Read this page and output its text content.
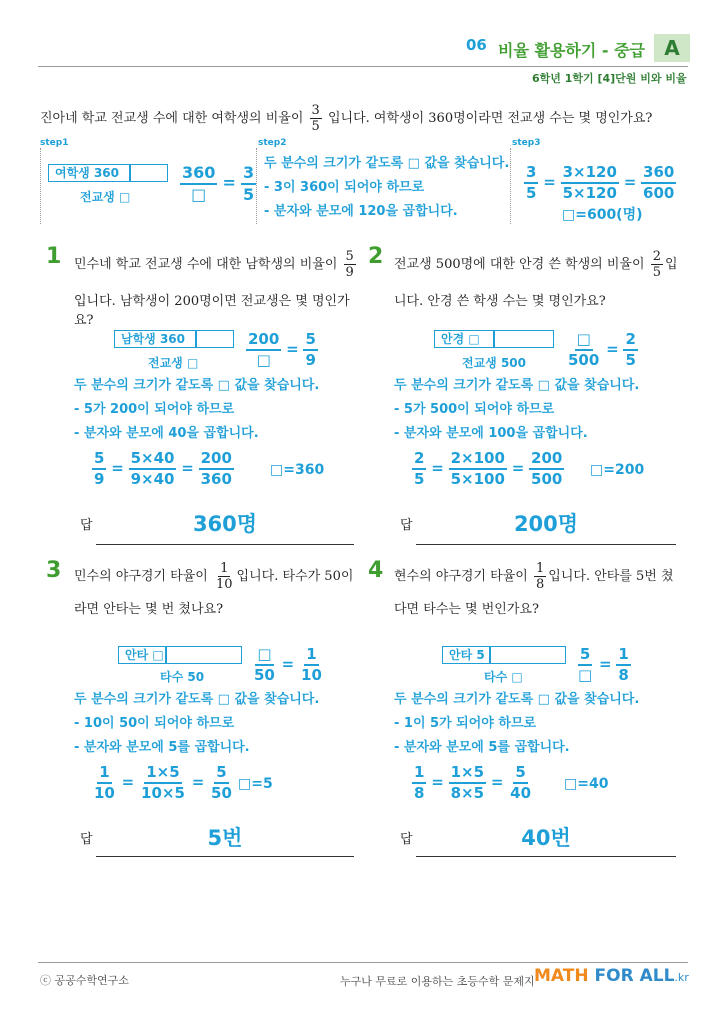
06 비율 활용하기 - 중급 A
6학년 1학기 [4]단원 비와 비율
진아네 학교 전교생 수에 대한 여학생의 비율이 $\frac{3}{5}$ 입니다. 여학생이 360명이라면 전교생 수는 몇 명인가요?
step1	step2	step3
여학생 360
전교생 □
360
□
= $\frac{3}{5}$
두 분수의 크기가 같도록 □ 값을 찾습니다.
- 3이 360이 되어야 하므로
- 분자와 분모에 120을 곱합니다.
$\frac{3}{5} = \frac{3\times 120}{5\times 120} = \frac{360}{600}$
□=600(명)
1 민수네 학교 전교생 수에 대한 남학생의 비율이 $\frac{5}{9}$
입니다. 남학생이 200명이면 전교생은 몇 명인가요?
남학생 360
전교생 □
200
□
= $\frac{5}{9}$
두 분수의 크기가 같도록 □ 값을 찾습니다.
- 5가 200이 되어야 하므로
- 분자와 분모에 40을 곱합니다.
$\frac{5}{9} = \frac{5\times 40}{9\times 40} = \frac{200}{360}$	□=360
답	360명
2 전교생 500명에 대한 안경 쓴 학생의 비율이 $\frac{2}{5}$ 입
니다. 안경 쓴 학생 수는 몇 명인가요?
안경 □
전교생 500
□
500
= $\frac{2}{5}$
두 분수의 크기가 같도록 □ 값을 찾습니다.
- 5가 500이 되어야 하므로
- 분자와 분모에 100을 곱합니다.
$\frac{2}{5} = \frac{2\times 100}{5\times 100} = \frac{200}{500}$ □=200
답	200명
3 민수의 야구경기 타율이 $\frac{1}{10}$ 입니다. 타수가 50이
라면 안타는 몇 번 쳤나요?
안타 □
타수 50
□
50
= $\frac{1}{10}$
두 분수의 크기가 같도록 □ 값을 찾습니다.
- 10이 50이 되어야 하므로
- 분자와 분모에 5를 곱합니다.
$\frac{1}{10} = \frac{1\times 5}{10\times 5} = \frac{5}{50}$ □=5
답	5번
4 현수의 야구경기 타율이 $\frac{1}{8}$ 입니다. 안타를 5번 쳤
다면 타수는 몇 번인가요?
안타 5
타수 □
5
□
= $\frac{1}{8}$
두 분수의 크기가 같도록 □ 값을 찾습니다.
- 1이 5가 되어야 하므로
- 분자와 분모에 5를 곱합니다.
$\frac{1}{8} = \frac{1\times 5}{8\times 5} = \frac{5}{40}$ □=40
답	40번
ⓒ 공공수학연구소	누구나 무료로 이용하는 초등수학 문제지 MATH FOR ALL.kr
